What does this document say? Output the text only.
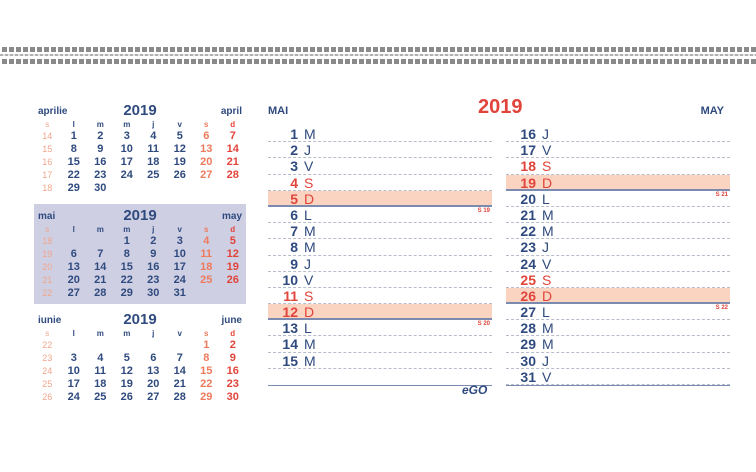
aprilie	2019	april
s	l	m	m	j	v	s	d
14	1	2	3	4	5	6	7
15	8	9	10	11	12	13	14
16	15	16	17	18	19	20	21
17	22	23	24	25	26	27	28
18	29	30					
mai	2019	may
s	l	m	m	j	v	s	d
18			1	2	3	4	5
19	6	7	8	9	10	11	12
20	13	14	15	16	17	18	19
21	20	21	22	23	24	25	26
22	27	28	29	30	31		
iunie	2019	june
s	l	m	m	j	v	s	d
22						1	2
23	3	4	5	6	7	8	9
24	10	11	12	13	14	15	16
25	17	18	19	20	21	22	23
26	24	25	26	27	28	29	30
MAI	2019	MAY
1 M
2 J
3 V
4 S
5 D
6 L	S 19
7 M
8 M
9 J
10 V
11 S
12 D
13 L	S 20
14 M
15 M
16 J
17 V
18 S
19 D
20 L	S 21
21 M
22 M
23 J
24 V
25 S
26 D
27 L	S 22
28 M
29 M
30 J
31 V
eGO
